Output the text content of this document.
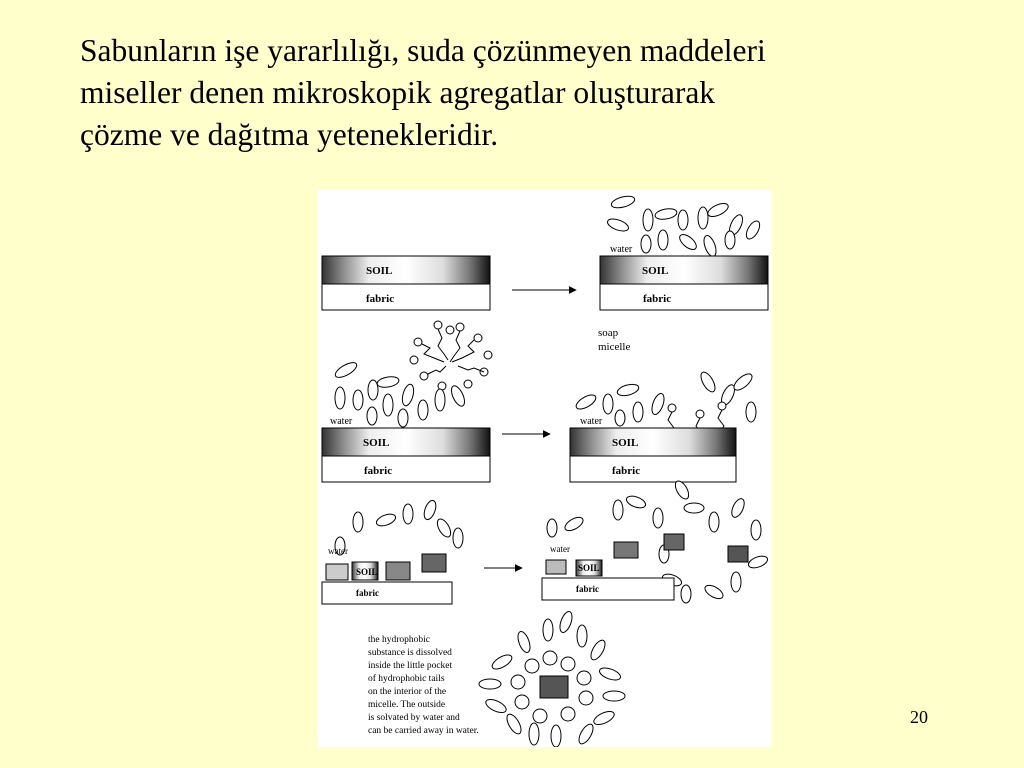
Sabunların işe yararlılığı, suda çözünmeyen maddeleri
miseller denen mikroskopik agregatlar oluşturarak
çözme ve dağıtma yetenekleridir.
SOIL
fabric
water
SOIL
fabric
water
SOIL
fabric
soap
micelle
water
SOIL
fabric
water
SOIL
fabric
water
SOIL
fabric
the hydrophobic
substance is dissolved
inside the little pocket
of hydrophobic tails
on the interior of the
micelle. The outside
is solvated by water and
can be carried away in water.
20
